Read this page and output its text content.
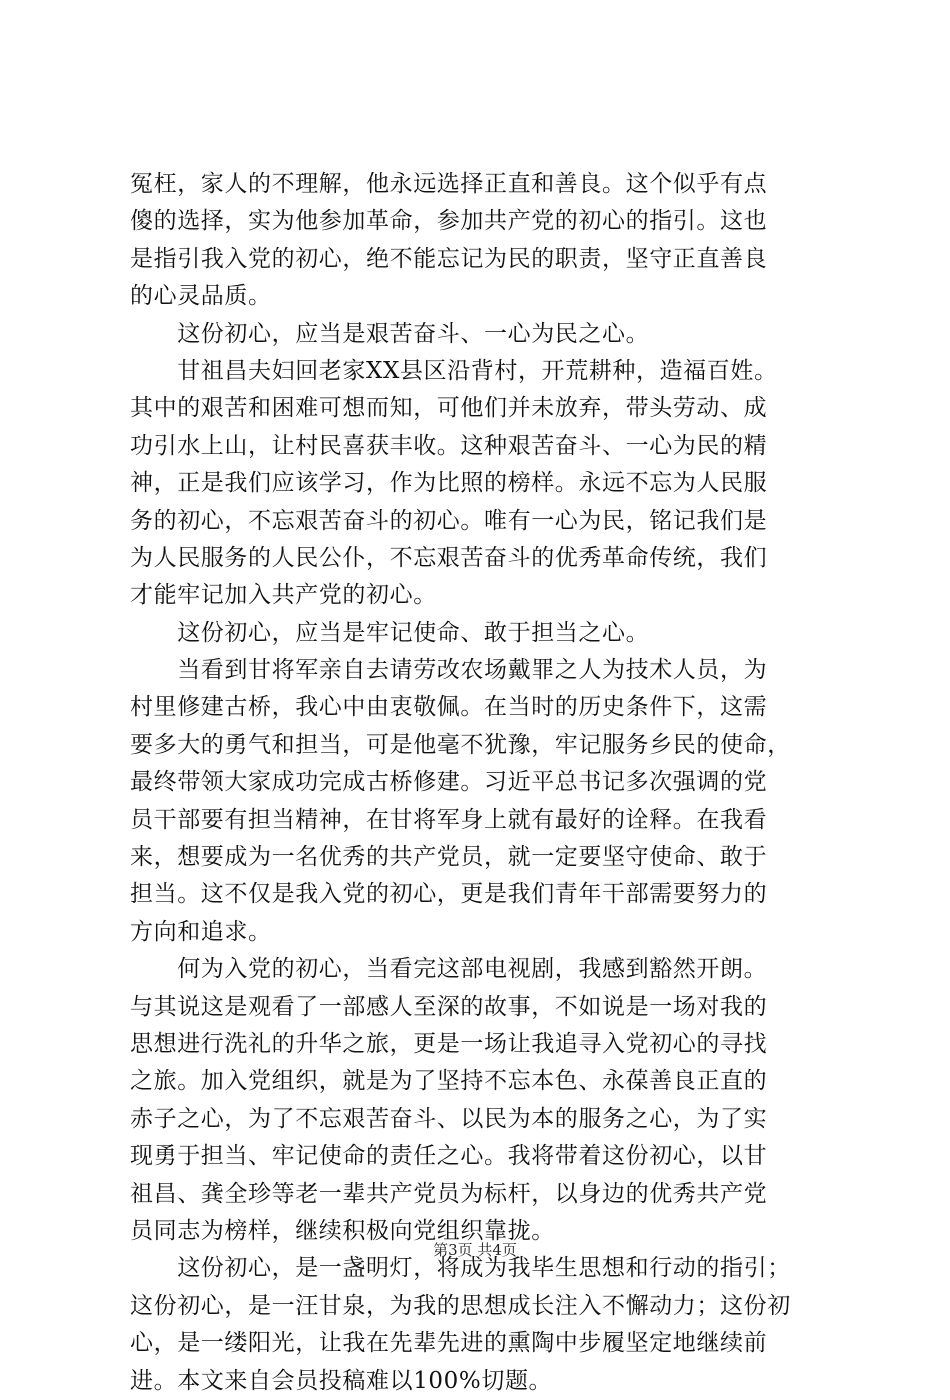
冤枉，家人的不理解，他永远选择正直和善良。这个似乎有点
傻的选择，实为他参加革命，参加共产党的初心的指引。这也
是指引我入党的初心，绝不能忘记为民的职责，坚守正直善良
的心灵品质。
　　这份初心，应当是艰苦奋斗、一心为民之心。
　　甘祖昌夫妇回老家XX县区沿背村，开荒耕种，造福百姓。
其中的艰苦和困难可想而知，可他们并未放弃，带头劳动、成
功引水上山，让村民喜获丰收。这种艰苦奋斗、一心为民的精
神，正是我们应该学习，作为比照的榜样。永远不忘为人民服
务的初心，不忘艰苦奋斗的初心。唯有一心为民，铭记我们是
为人民服务的人民公仆，不忘艰苦奋斗的优秀革命传统，我们
才能牢记加入共产党的初心。
　　这份初心，应当是牢记使命、敢于担当之心。
　　当看到甘将军亲自去请劳改农场戴罪之人为技术人员，为
村里修建古桥，我心中由衷敬佩。在当时的历史条件下，这需
要多大的勇气和担当，可是他毫不犹豫，牢记服务乡民的使命，
最终带领大家成功完成古桥修建。习近平总书记多次强调的党
员干部要有担当精神，在甘将军身上就有最好的诠释。在我看
来，想要成为一名优秀的共产党员，就一定要坚守使命、敢于
担当。这不仅是我入党的初心，更是我们青年干部需要努力的
方向和追求。
　　何为入党的初心，当看完这部电视剧，我感到豁然开朗。
与其说这是观看了一部感人至深的故事，不如说是一场对我的
思想进行洗礼的升华之旅，更是一场让我追寻入党初心的寻找
之旅。加入党组织，就是为了坚持不忘本色、永葆善良正直的
赤子之心，为了不忘艰苦奋斗、以民为本的服务之心，为了实
现勇于担当、牢记使命的责任之心。我将带着这份初心，以甘
祖昌、龚全珍等老一辈共产党员为标杆，以身边的优秀共产党
员同志为榜样，继续积极向党组织靠拢。
　　这份初心，是一盏明灯，将成为我毕生思想和行动的指引；
这份初心，是一汪甘泉，为我的思想成长注入不懈动力；这份初
心，是一缕阳光，让我在先辈先进的熏陶中步履坚定地继续前
进。本文来自会员投稿难以100%切题。
第3页 共4页
